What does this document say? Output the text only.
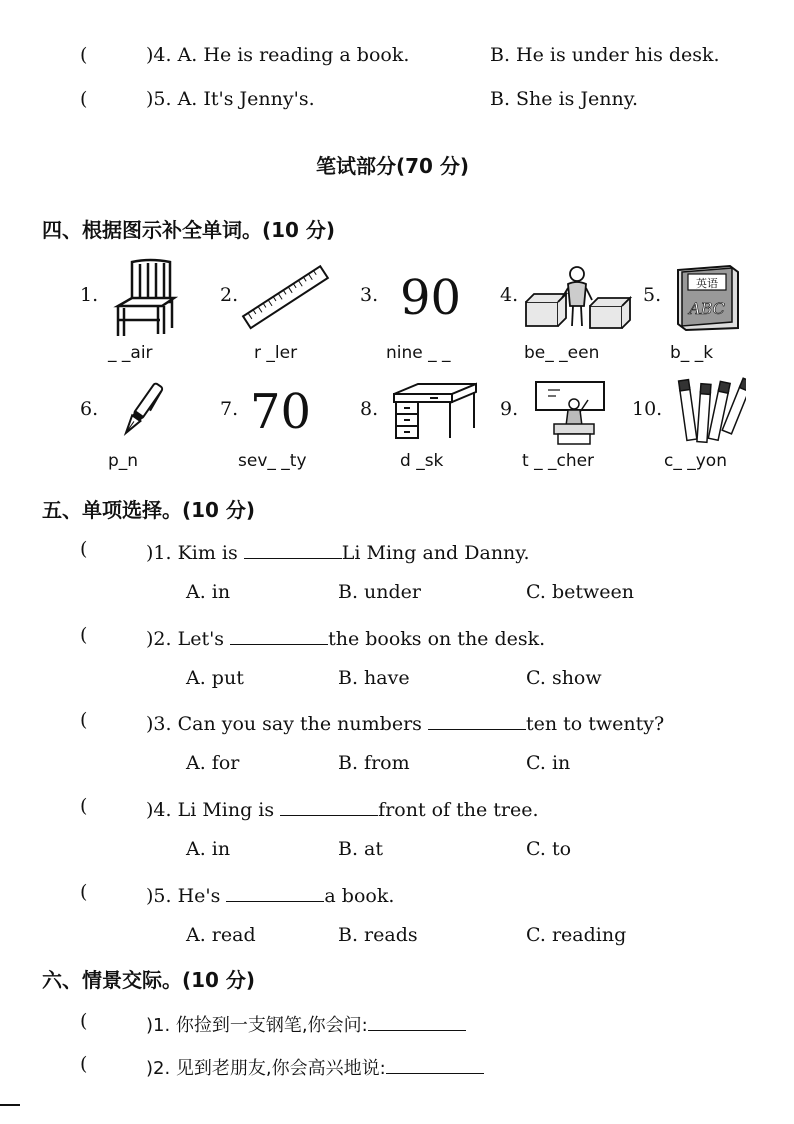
(	)4. A. He is reading a book.	B. He is under his desk.
(	)5. A. It's Jenny's.	B. She is Jenny.
笔试部分(70 分)
四、根据图示补全单词。(10 分)
1.
_ _air
2.
r _ler
3. 90
nine _ _
4.
be_ _een
5.
英语
ABC
b_ _k
6.
p_n
7. 70
sev_ _ty
8.
d _sk
9.
t _ _cher
10.
c_ _yon
五、单项选择。(10 分)
(	)1. Kim is	Li Ming and Danny.
A. in	B. under	C. between
(	)2. Let's	the books on the desk.
A. put	B. have	C. show
(	)3. Can you say the numbers	ten to twenty?
A. for	B. from	C. in
(	)4. Li Ming is	front of the tree.
A. in	B. at	C. to
(	)5. He's	a book.
A. read	B. reads	C. reading
六、情景交际。(10 分)
(	)1. 你捡到一支钢笔,你会问:
(	)2. 见到老朋友,你会高兴地说:
